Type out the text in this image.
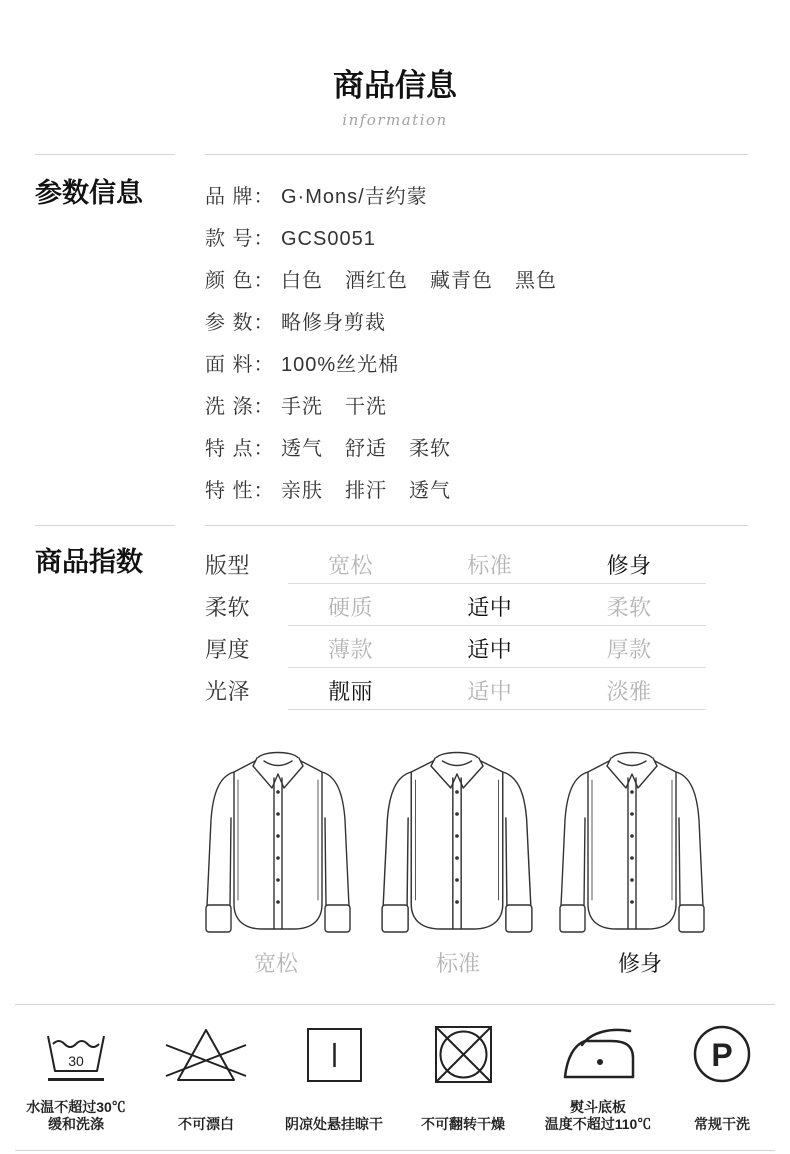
商品信息
information
参数信息	品 牌： G·Mons/吉约蒙
款 号： GCS0051
颜 色： 白色 酒红色 藏青色 黑色
参 数： 略修身剪裁
面 料： 100%丝光棉
洗 涤： 手洗 干洗
特 点： 透气 舒适 柔软
特 性： 亲肤 排汗 透气
商品指数	版型	宽松	标准	修身
柔软	硬质	适中	柔软
厚度	薄款	适中	厚款
光泽	靓丽	适中	淡雅
宽松	标准	修身
30	P
水温不超过30℃
缓和洗涤	不可漂白	阴凉处悬挂晾干	不可翻转干燥
熨斗底板
温度不超过110℃	常规干洗
